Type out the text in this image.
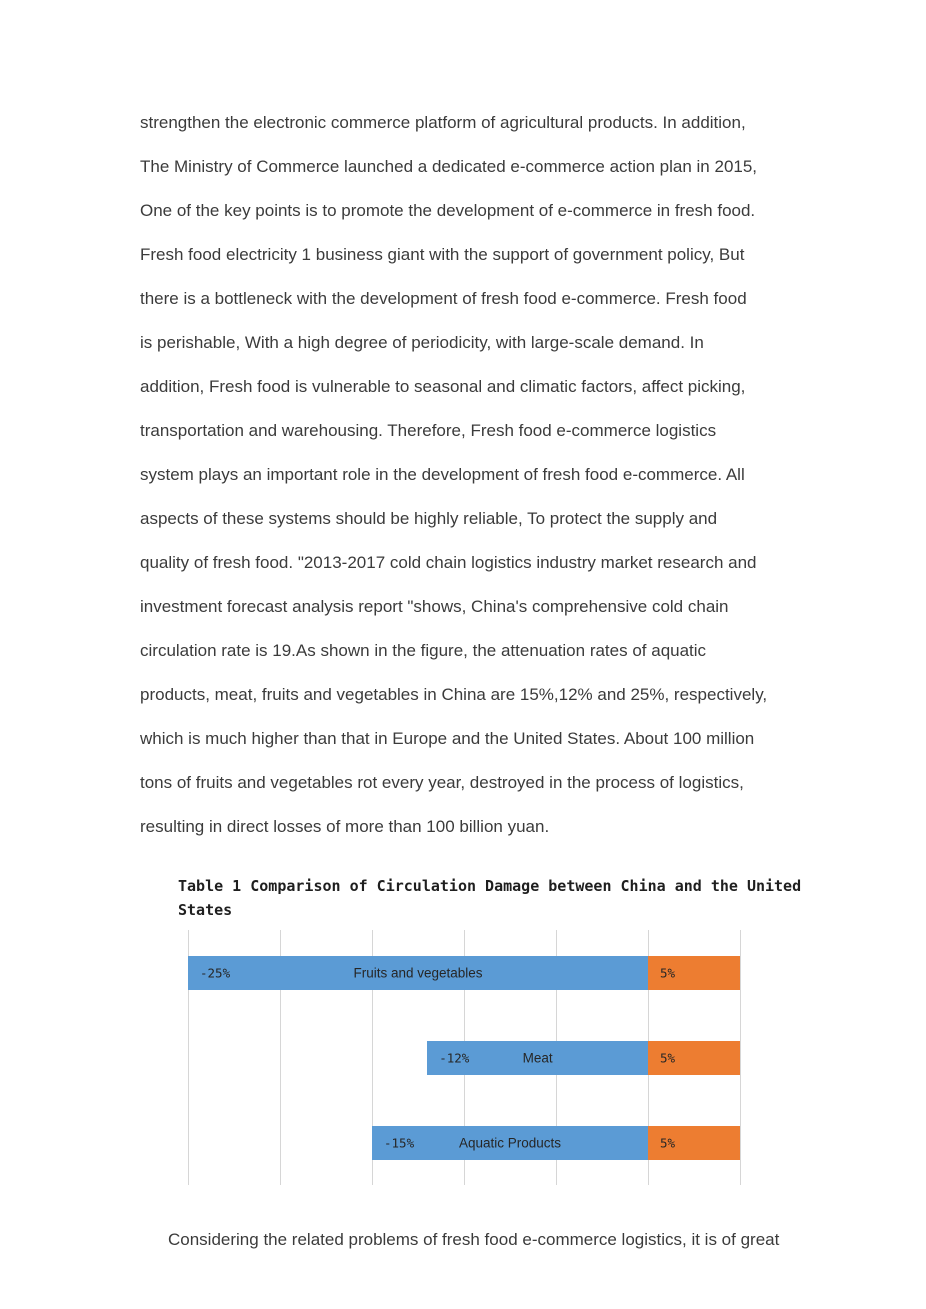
strengthen the electronic commerce platform of agricultural products. In addition,
The Ministry of Commerce launched a dedicated e-commerce action plan in 2015,
One of the key points is to promote the development of e-commerce in fresh food.
Fresh food electricity 1 business giant with the support of government policy, But
there is a bottleneck with the development of fresh food e-commerce. Fresh food
is perishable, With a high degree of periodicity, with large-scale demand. In
addition, Fresh food is vulnerable to seasonal and climatic factors, affect picking,
transportation and warehousing. Therefore, Fresh food e-commerce logistics
system plays an important role in the development of fresh food e-commerce. All
aspects of these systems should be highly reliable, To protect the supply and
quality of fresh food. "2013-2017 cold chain logistics industry market research and
investment forecast analysis report "shows, China's comprehensive cold chain
circulation rate is 19.As shown in the figure, the attenuation rates of aquatic
products, meat, fruits and vegetables in China are 15%,12% and 25%, respectively,
which is much higher than that in Europe and the United States. About 100 million
tons of fruits and vegetables rot every year, destroyed in the process of logistics,
resulting in direct losses of more than 100 billion yuan.
Table 1 Comparison of Circulation Damage between China and the United
States
-25%	Fruits and vegetables	5%
-12%	Meat	5%
-15%	Aquatic Products	5%
Considering the related problems of fresh food e-commerce logistics, it is of great
